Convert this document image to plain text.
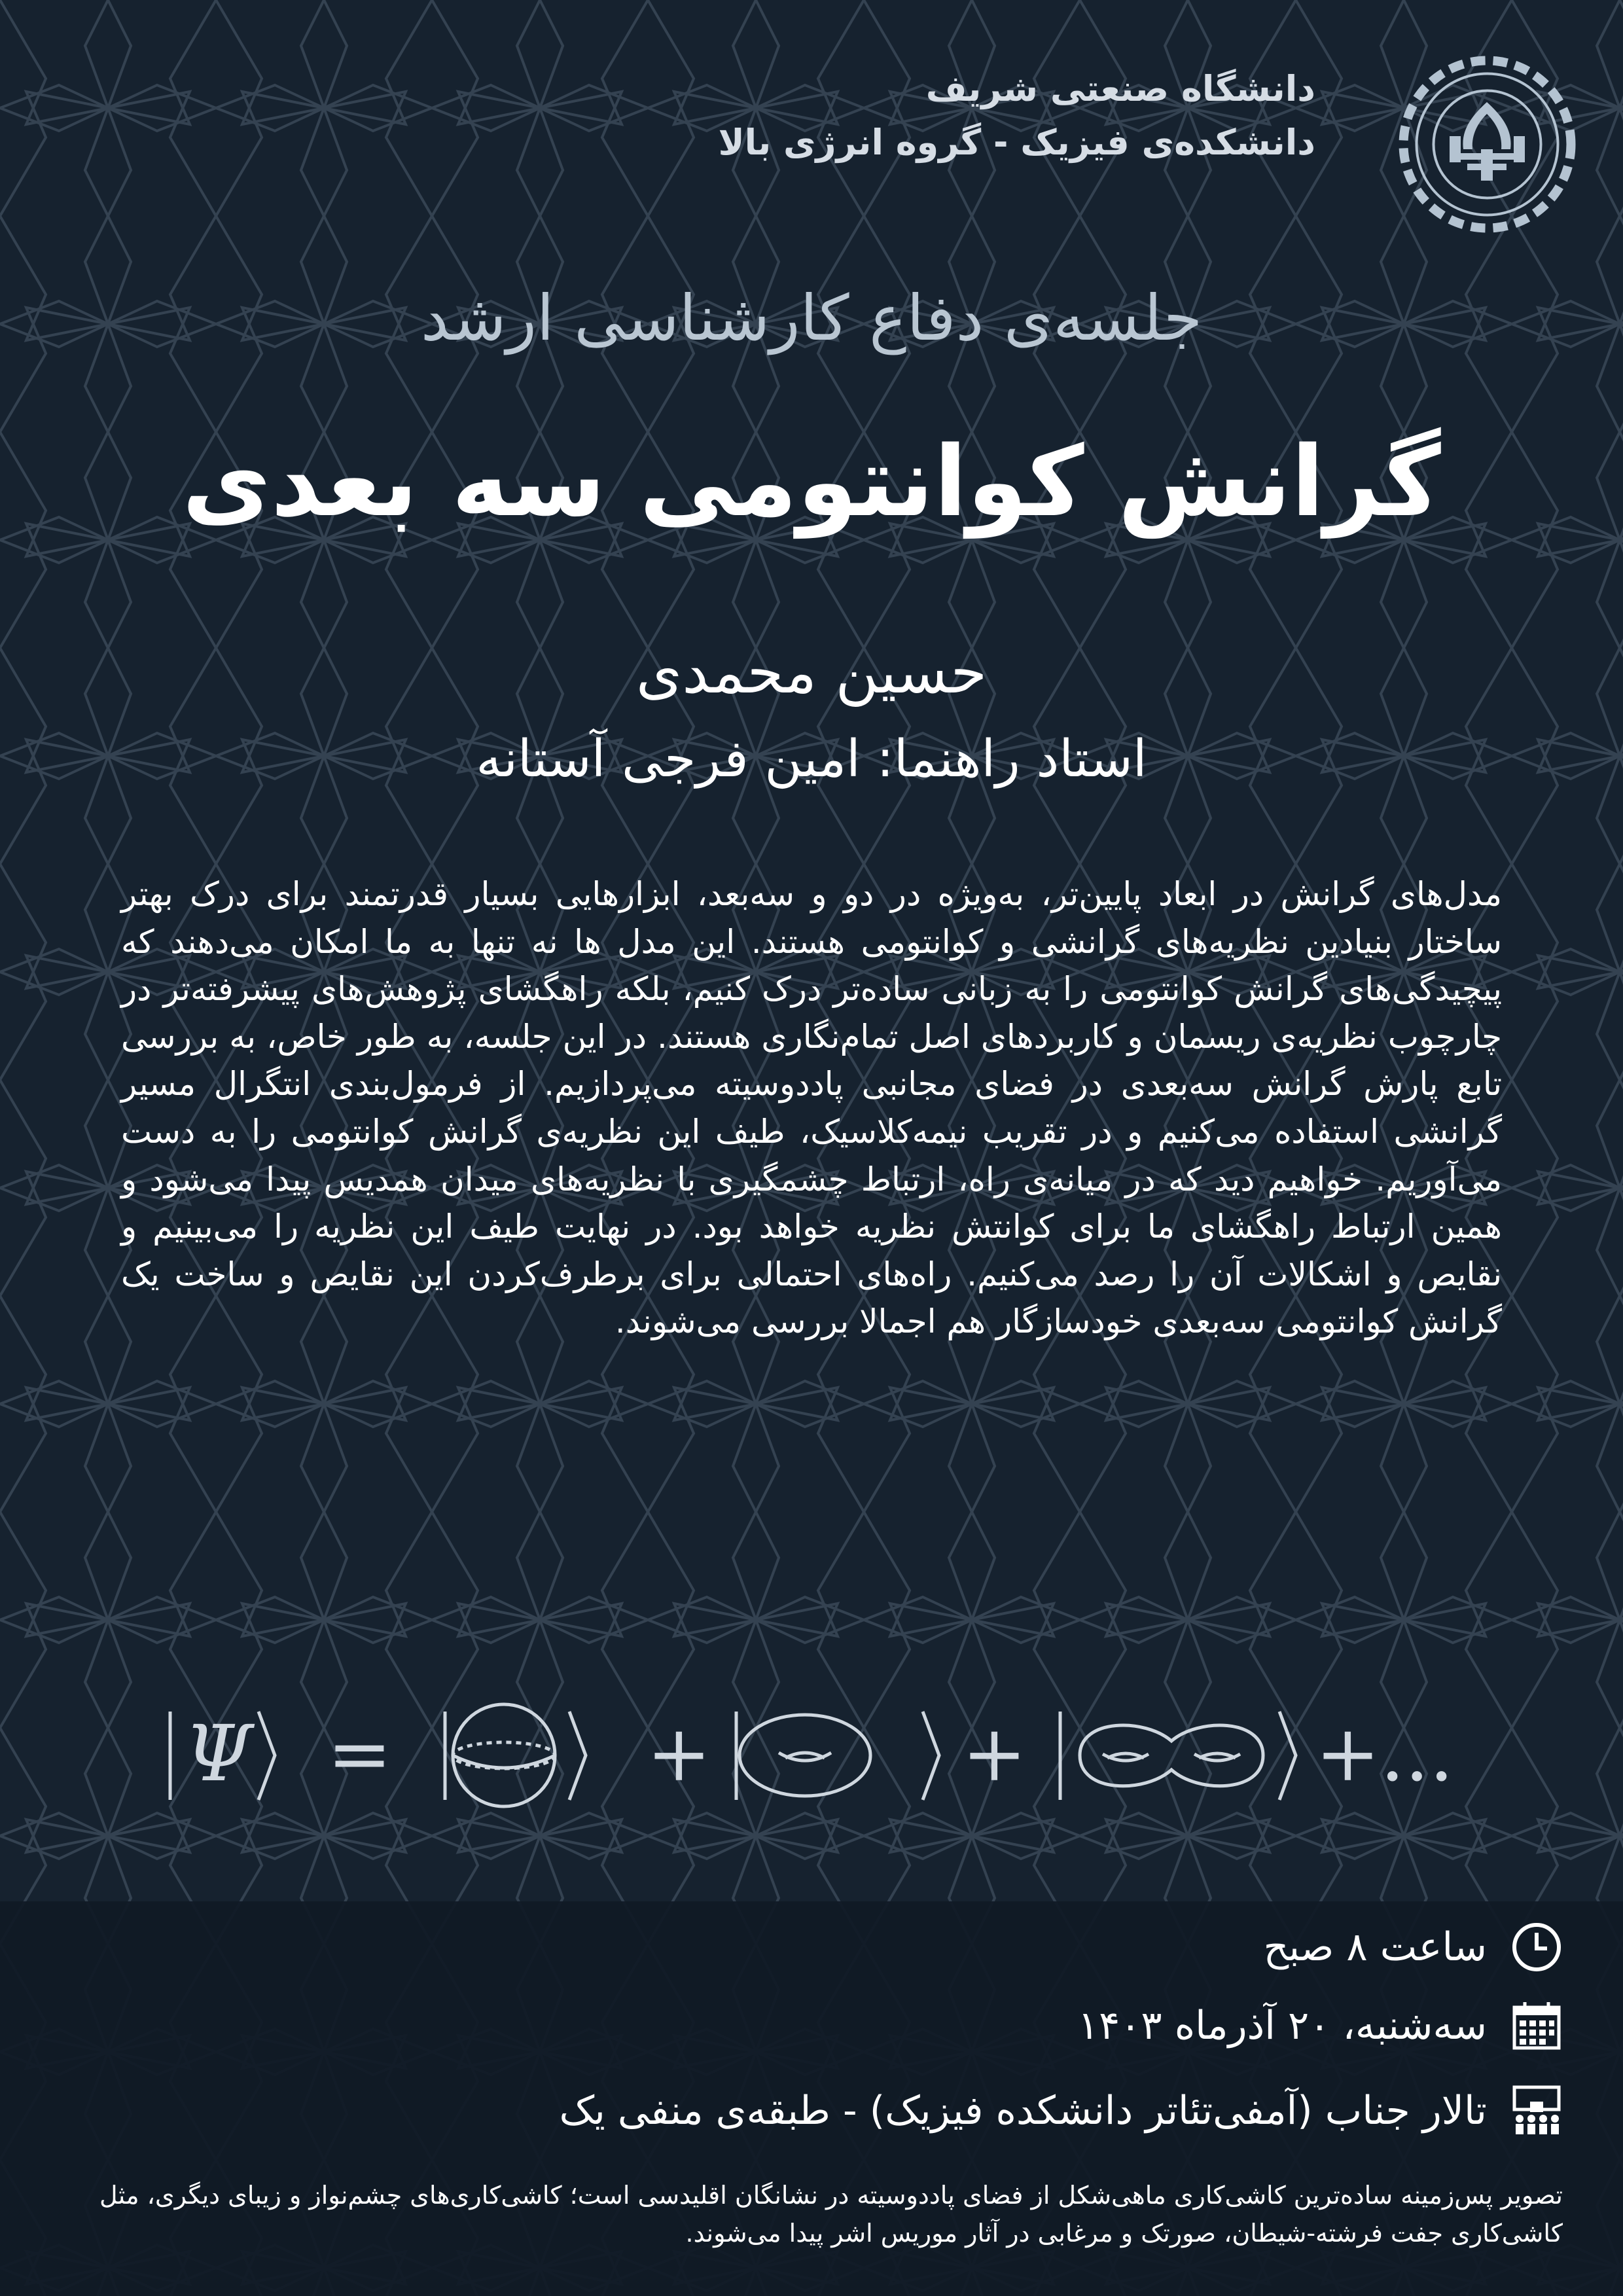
دانشگاه صنعتی شریف
دانشکده‌ی فیزیک - گروه انرژی بالا
جلسه‌ی دفاع کارشناسی ارشد
گرانش کوانتومی سه بعدی
حسین محمدی
استاد راهنما: امین فرجی آستانه
مدل‌های گرانش در ابعاد پایین‌تر، به‌ویژه در دو و سه‌بعد، ابزارهایی بسیار قدرتمند برای درک بهتر ساختار بنیادین نظریه‌های گرانشی و کوانتومی هستند. این مدل ها نه تنها به ما امکان می‌دهند که پیچیدگی‌های گرانش کوانتومی را به زبانی ساده‌تر درک کنیم، بلکه راهگشای پژوهش‌های پیشرفته‌تر در چارچوب نظریه‌ی ریسمان و کاربردهای اصل تمام‌نگاری هستند. در این جلسه، به طور خاص، به بررسی تابع پارش گرانش سه‌بعدی در فضای مجانبی پاددوسیته می‌پردازیم. از فرمول‌بندی انتگرال مسیر گرانشی استفاده می‌کنیم و در تقریب نیمه‌کلاسیک، طیف این نظریه‌ی گرانش کوانتومی را به دست می‌آوریم. خواهیم دید که در میانه‌ی راه، ارتباط چشمگیری با نظریه‌های میدان همدیس پیدا می‌شود و همین ارتباط راهگشای ما برای کوانتش نظریه خواهد بود. در نهایت طیف این نظریه را می‌بینیم و نقایص و اشکالات آن را رصد می‌کنیم. راه‌های احتمالی برای برطرف‌کردن این نقایص و ساخت یک گرانش کوانتومی سه‌بعدی خودسازگار هم اجمالا بررسی می‌شوند.
Ψ =	+	+	+...
ساعت ۸ صبح
سه‌شنبه، ۲۰ آذرماه ۱۴۰۳
تالار جناب (آمفی‌تئاتر دانشکده فیزیک) - طبقه‌ی منفی یک
تصویر پس‌زمینه ساده‌ترین کاشی‌کاری ماهی‌شکل از فضای پاددوسیته در نشانگان اقلیدسی است؛ کاشی‌کاری‌های چشم‌نواز و زیبای دیگری، مثل کاشی‌کاری جفت فرشته-شیطان، صورتک و مرغابی در آثار موریس اشر پیدا می‌شوند.
